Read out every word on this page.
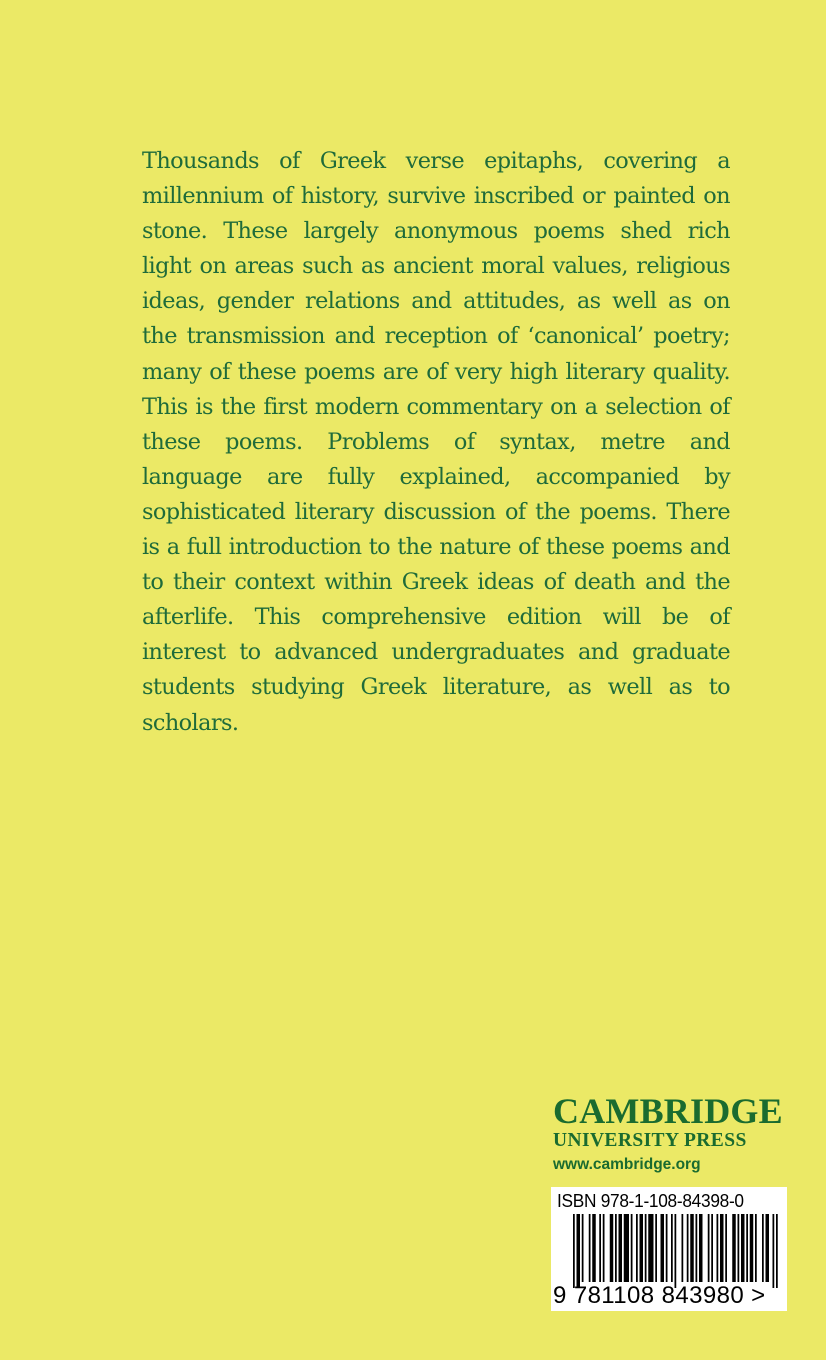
Thousands of Greek verse epitaphs, covering a millennium of history, survive inscribed or painted on stone. These largely anonymous poems shed rich light on areas such as ancient moral values, religious ideas, gender relations and attitudes, as well as on the transmission and reception of ‘canonical’ poetry; many of these poems are of very high literary quality. This is the first modern commentary on a selection of these poems. Problems of syntax, metre and language are fully explained, accompanied by sophisticated literary discussion of the poems. There is a full introduction to the nature of these poems and to their context within Greek ideas of death and the afterlife. This comprehensive edition will be of interest to advanced undergraduates and graduate students studying Greek literature, as well as to scholars.

CAMBRIDGE
UNIVERSITY PRESS
www.cambridge.org
ISBN 978-1-108-84398-0
9 781108 843980 >
